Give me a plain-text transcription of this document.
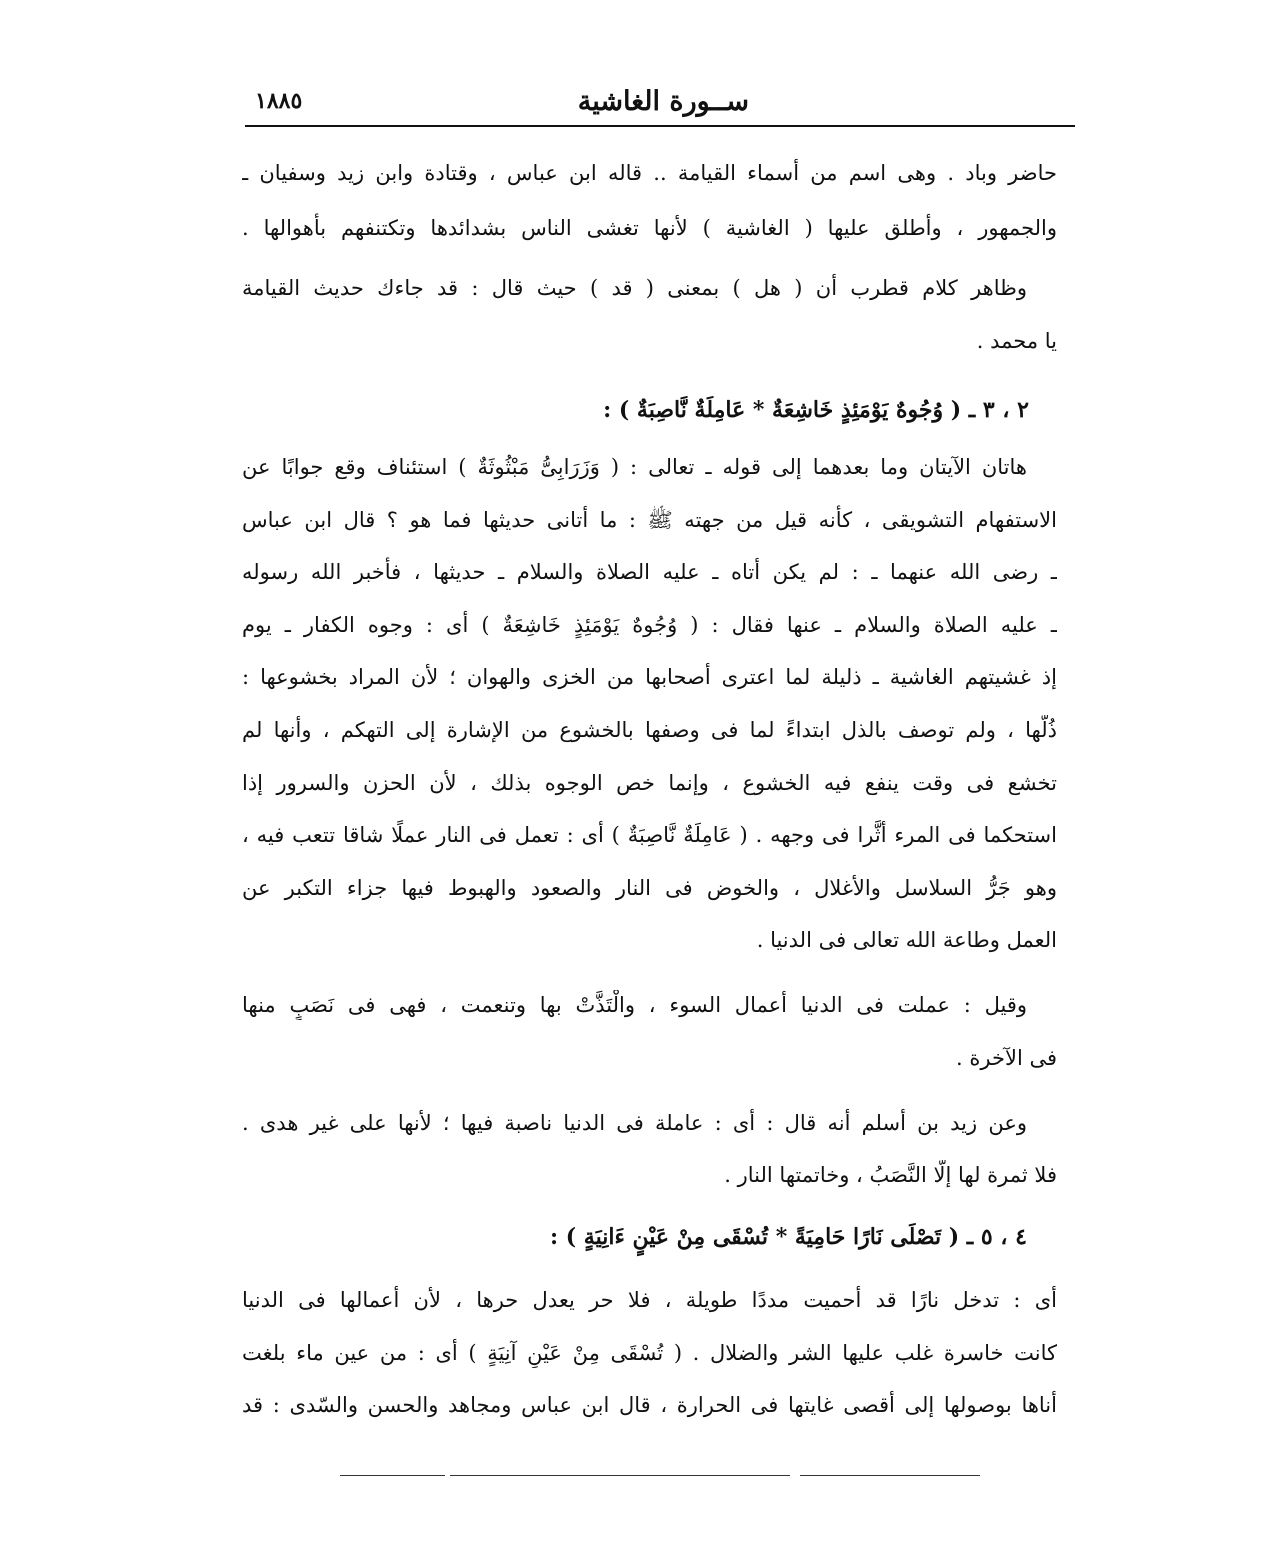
ســورة الغاشية
١٨٨٥
حاضر وباد . وهى اسم من أسماء القيامة .. قاله ابن عباس ، وقتادة وابن زيد وسفيان ـ
والجمهور ، وأطلق عليها ( الغاشية ) لأنها تغشى الناس بشدائدها وتكتنفهم بأهوالها .
وظاهر كلام قطرب أن ( هل ) بمعنى ( قد ) حيث قال : قد جاءك حديث القيامة
يا محمد .
٢ ، ٣ ـ ( وُجُوهٌ يَوْمَئِذٍ خَاشِعَةٌ * عَامِلَةٌ نَّاصِبَةٌ ) :
هاتان الآيتان وما بعدهما إلى قوله ـ تعالى : ( وَزَرَابِىُّ مَبْثُوثَةٌ ) استئناف وقع جوابًا عن
الاستفهام التشويقى ، كأنه قيل من جهته ﷺ : ما أتانى حديثها فما هو ؟ قال ابن عباس
ـ رضى الله عنهما ـ : لم يكن أتاه ـ عليه الصلاة والسلام ـ حديثها ، فأخبر الله رسوله
ـ عليه الصلاة والسلام ـ عنها فقال : ( وُجُوهٌ يَوْمَئِذٍ خَاشِعَةٌ ) أى : وجوه الكفار ـ يوم
إذ غشيتهم الغاشية ـ ذليلة لما اعترى أصحابها من الخزى والهوان ؛ لأن المراد بخشوعها :
ذُلُّها ، ولم توصف بالذل ابتداءً لما فى وصفها بالخشوع من الإشارة إلى التهكم ، وأنها لم
تخشع فى وقت ينفع فيه الخشوع ، وإنما خص الوجوه بذلك ، لأن الحزن والسرور إذا
استحكما فى المرء أثَّرا فى وجهه . ( عَامِلَةٌ نَّاصِبَةٌ ) أى : تعمل فى النار عملًا شاقا تتعب فيه ،
وهو جَرُّ السلاسل والأغلال ، والخوض فى النار والصعود والهبوط فيها جزاء التكبر عن
العمل وطاعة الله تعالى فى الدنيا .
وقيل : عملت فى الدنيا أعمال السوء ، والْتَذَّتْ بها وتنعمت ، فهى فى نَصَبٍ منها
فى الآخرة .
وعن زيد بن أسلم أنه قال : أى : عاملة فى الدنيا ناصبة فيها ؛ لأنها على غير هدى .
فلا ثمرة لها إلّا النَّصَبُ ، وخاتمتها النار .
٤ ، ٥ ـ ( تَصْلَى نَارًا حَامِيَةً * تُسْقَى مِنْ عَيْنٍ ءَانِيَةٍ ) :
أى : تدخل نارًا قد أحميت مددًا طويلة ، فلا حر يعدل حرها ، لأن أعمالها فى الدنيا
كانت خاسرة غلب عليها الشر والضلال . ( تُسْقَى مِنْ عَيْنٍ آنِيَةٍ ) أى : من عين ماء بلغت
أناها بوصولها إلى أقصى غايتها فى الحرارة ، قال ابن عباس ومجاهد والحسن والسّدى : قد
